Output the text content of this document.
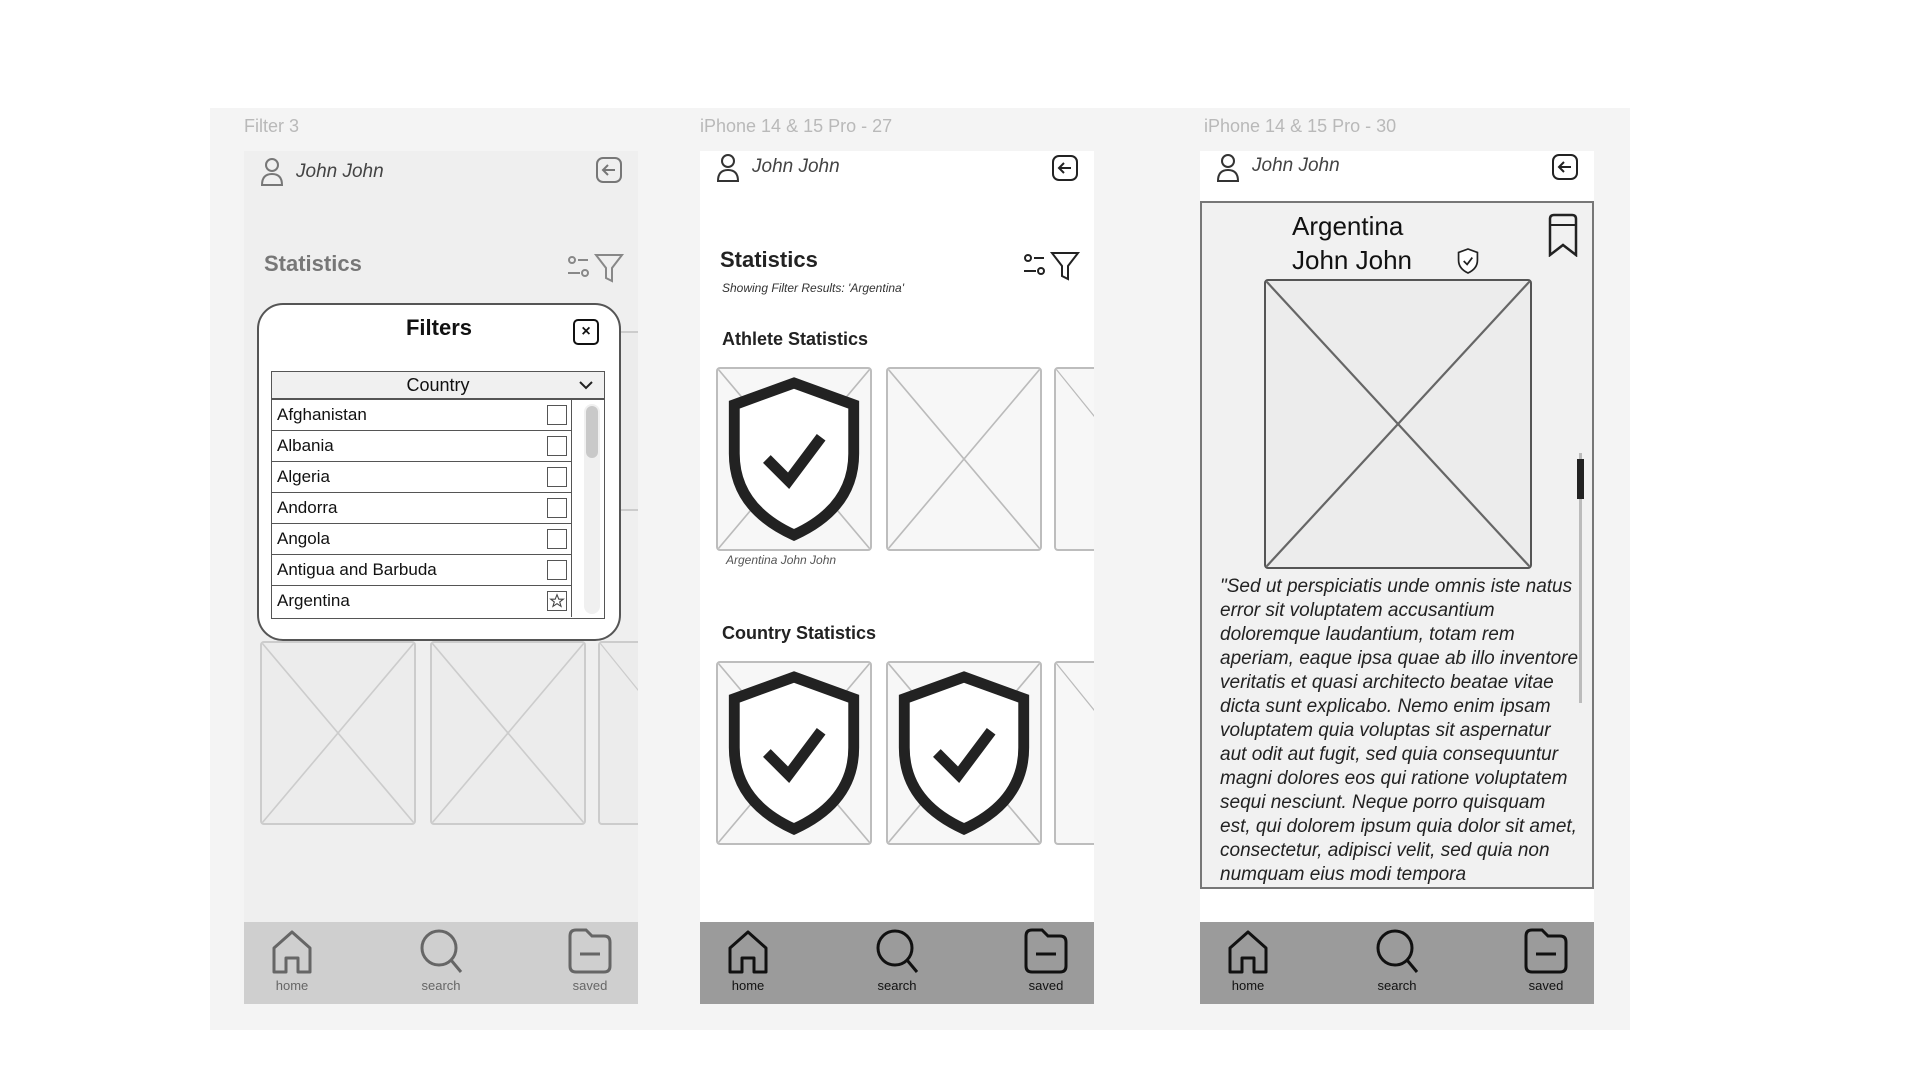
Filter 3	iPhone 14 & 15 Pro - 27	iPhone 14 & 15 Pro - 30
John John
Statistics
home	search	saved
Filters	×
Country
Afghanistan
Albania
Algeria
Andorra
Angola
Antigua and Barbuda
Argentina
John John
Statistics
Showing Filter Results: 'Argentina'
Athlete Statistics
Argentina John John
Country Statistics
home	search	saved
John John
Argentina
John John
"Sed ut perspiciatis unde omnis iste natus error sit voluptatem accusantium doloremque laudantium, totam rem aperiam, eaque ipsa quae ab illo inventore veritatis et quasi architecto beatae vitae dicta sunt explicabo. Nemo enim ipsam voluptatem quia voluptas sit aspernatur aut odit aut fugit, sed quia consequuntur magni dolores eos qui ratione voluptatem sequi nesciunt. Neque porro quisquam est, qui dolorem ipsum quia dolor sit amet, consectetur, adipisci velit, sed quia non numquam eius modi tempora
home	search	saved
